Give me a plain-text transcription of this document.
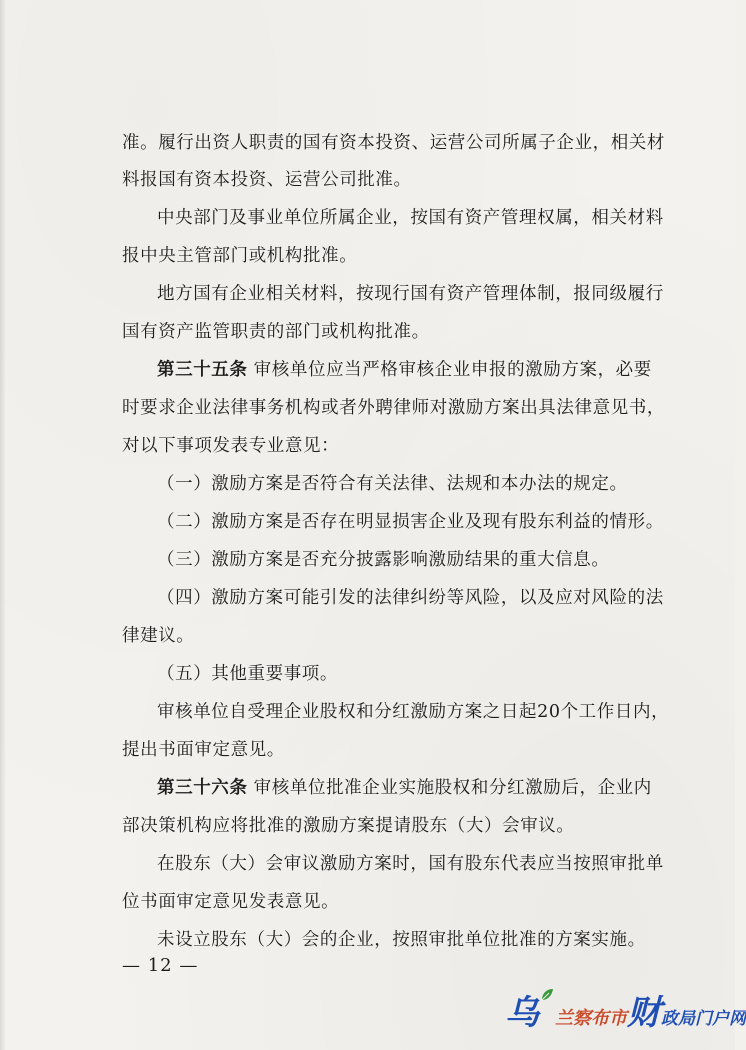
准。履行出资人职责的国有资本投资、运营公司所属子企业，相关材
料报国有资本投资、运营公司批准。
中央部门及事业单位所属企业，按国有资产管理权属，相关材料
报中央主管部门或机构批准。
地方国有企业相关材料，按现行国有资产管理体制，报同级履行
国有资产监管职责的部门或机构批准。
第三十五条 审核单位应当严格审核企业申报的激励方案，必要
时要求企业法律事务机构或者外聘律师对激励方案出具法律意见书，
对以下事项发表专业意见：
（一）激励方案是否符合有关法律、法规和本办法的规定。
（二）激励方案是否存在明显损害企业及现有股东利益的情形。
（三）激励方案是否充分披露影响激励结果的重大信息。
（四）激励方案可能引发的法律纠纷等风险，以及应对风险的法
律建议。
（五）其他重要事项。
审核单位自受理企业股权和分红激励方案之日起20个工作日内，
提出书面审定意见。
第三十六条 审核单位批准企业实施股权和分红激励后，企业内
部决策机构应将批准的激励方案提请股东（大）会审议。
在股东（大）会审议激励方案时，国有股东代表应当按照审批单
位书面审定意见发表意见。
未设立股东（大）会的企业，按照审批单位批准的方案实施。
— 12 —
乌兰察布市财政局门户网
